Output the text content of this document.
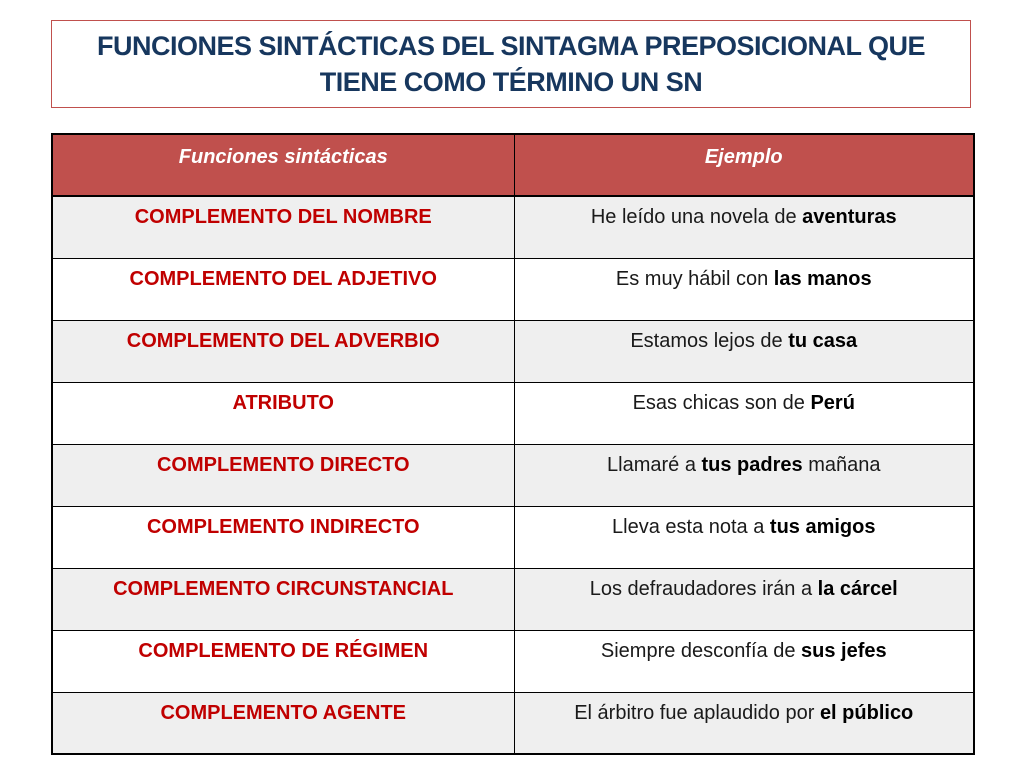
FUNCIONES SINTÁCTICAS DEL SINTAGMA PREPOSICIONAL QUE TIENE COMO TÉRMINO UN SN
Funciones sintácticas	Ejemplo
COMPLEMENTO DEL NOMBRE	He leído una novela de aventuras
COMPLEMENTO DEL ADJETIVO	Es muy hábil con las manos
COMPLEMENTO DEL ADVERBIO	Estamos lejos de tu casa
ATRIBUTO	Esas chicas son de Perú
COMPLEMENTO DIRECTO	Llamaré a tus padres mañana
COMPLEMENTO INDIRECTO	Lleva esta nota a tus amigos
COMPLEMENTO CIRCUNSTANCIAL	Los defraudadores irán a la cárcel
COMPLEMENTO DE RÉGIMEN	Siempre desconfía de sus jefes
COMPLEMENTO AGENTE	El árbitro fue aplaudido por el público
